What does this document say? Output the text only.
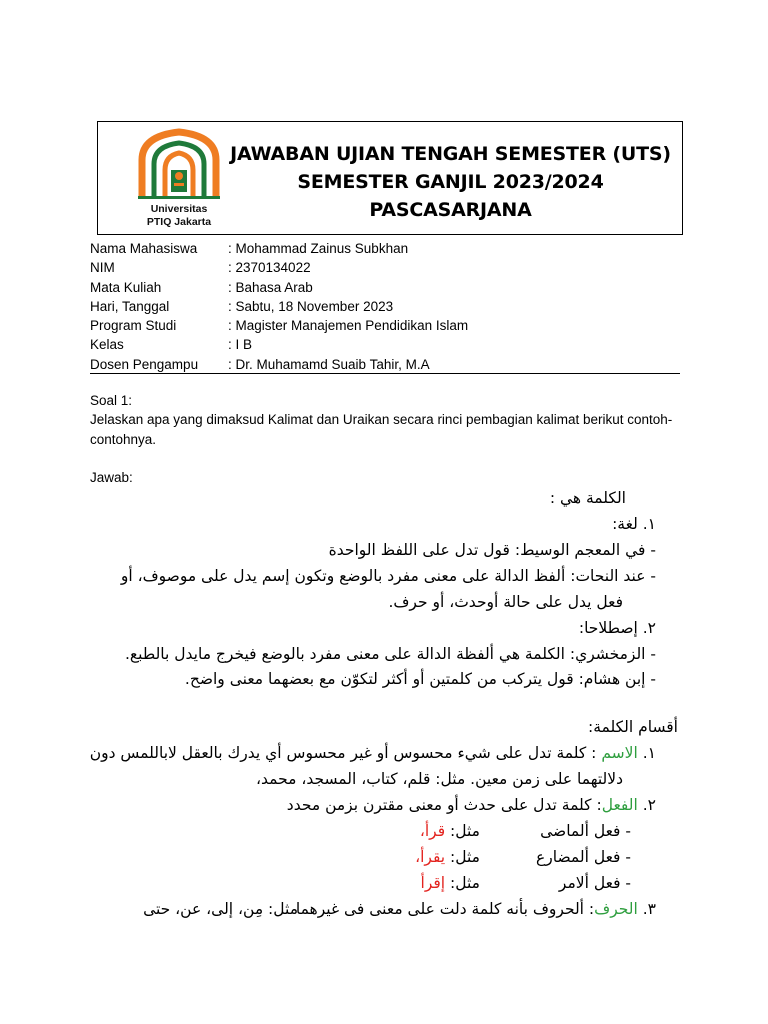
Universitas
PTIQ Jakarta
JAWABAN UJIAN TENGAH SEMESTER (UTS)
SEMESTER GANJIL 2023/2024
PASCASARJANA
Nama Mahasiswa : Mohammad Zainus Subkhan
NIM	: 2370134022
Mata Kuliah	: Bahasa Arab
Hari, Tanggal	: Sabtu, 18 November 2023
Program Studi	: Magister Manajemen Pendidikan Islam
Kelas	: I B
Dosen Pengampu : Dr. Muhamamd Suaib Tahir, M.A
Soal 1:
Jelaskan apa yang dimaksud Kalimat dan Uraikan secara rinci pembagian kalimat berikut contoh-contohnya.
Jawab:
الكلمة هي :
١. لغة:
- في المعجم الوسيط: قول تدل على اللفظ الواحدة
- عند النحات: ألفظ الدالة على معنى مفرد بالوضع وتكون إسم يدل على موصوف، أو
فعل يدل على حالة أوحدث، أو حرف.
٢. إصطلاحا:
- الزمخشري: الكلمة هي ألفظة الدالة على معنى مفرد بالوضع فيخرج مايدل بالطبع.
- إبن هشام: قول يتركب من كلمتين أو أكثر لتكوّن مع بعضهما معنى واضح.
أقسام الكلمة:
١. الاسم : كلمة تدل على شيء محسوس أو غير محسوس أي يدرك بالعقل لاباللمس دون
دلالتهما على زمن معين. مثل: قلم، كتاب، المسجد، محمد،
٢. الفعل: كلمة تدل على حدث أو معنى مقترن بزمن محدد
- فعل ألماضى
مثل: قرأ،
- فعل ألمضارع
مثل: يقرأ،
- فعل ألامر
مثل: إقرأ
٣. الحرف: ألحروف بأنه كلمة دلت على معنى فى غيرهما
مثل: مِن، إلى، عن، حتى
